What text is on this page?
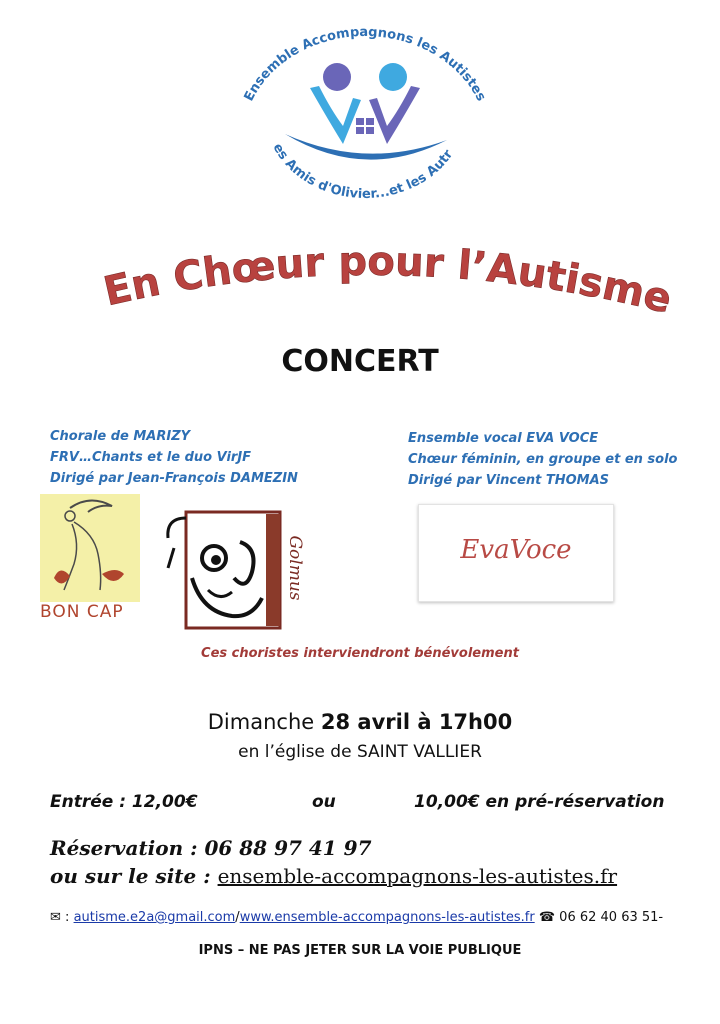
Ensemble Accompagnons les Autistes
es Amis d'Olivier...et les Autr
En Chœur pour l’Autisme
CONCERT
Chorale de MARIZY
FRV…Chants et le duo VirJF
Dirigé par Jean-François DAMEZIN
Ensemble vocal EVA VOCE
Chœur féminin, en groupe et en solo
Dirigé par Vincent THOMAS
BON CAP
Golmus	EvaVoce
Ces choristes interviendront bénévolement
Dimanche 28 avril à 17h00
en l’église de SAINT VALLIER
Entrée : 12,00€	ou	10,00€ en pré-réservation
Réservation : 06 88 97 41 97
ou sur le site : ensemble-accompagnons-les-autistes.fr
✉ : autisme.e2a@gmail.com/www.ensemble-accompagnons-les-autistes.fr ☎ 06 62 40 63 51-
IPNS – NE PAS JETER SUR LA VOIE PUBLIQUE
